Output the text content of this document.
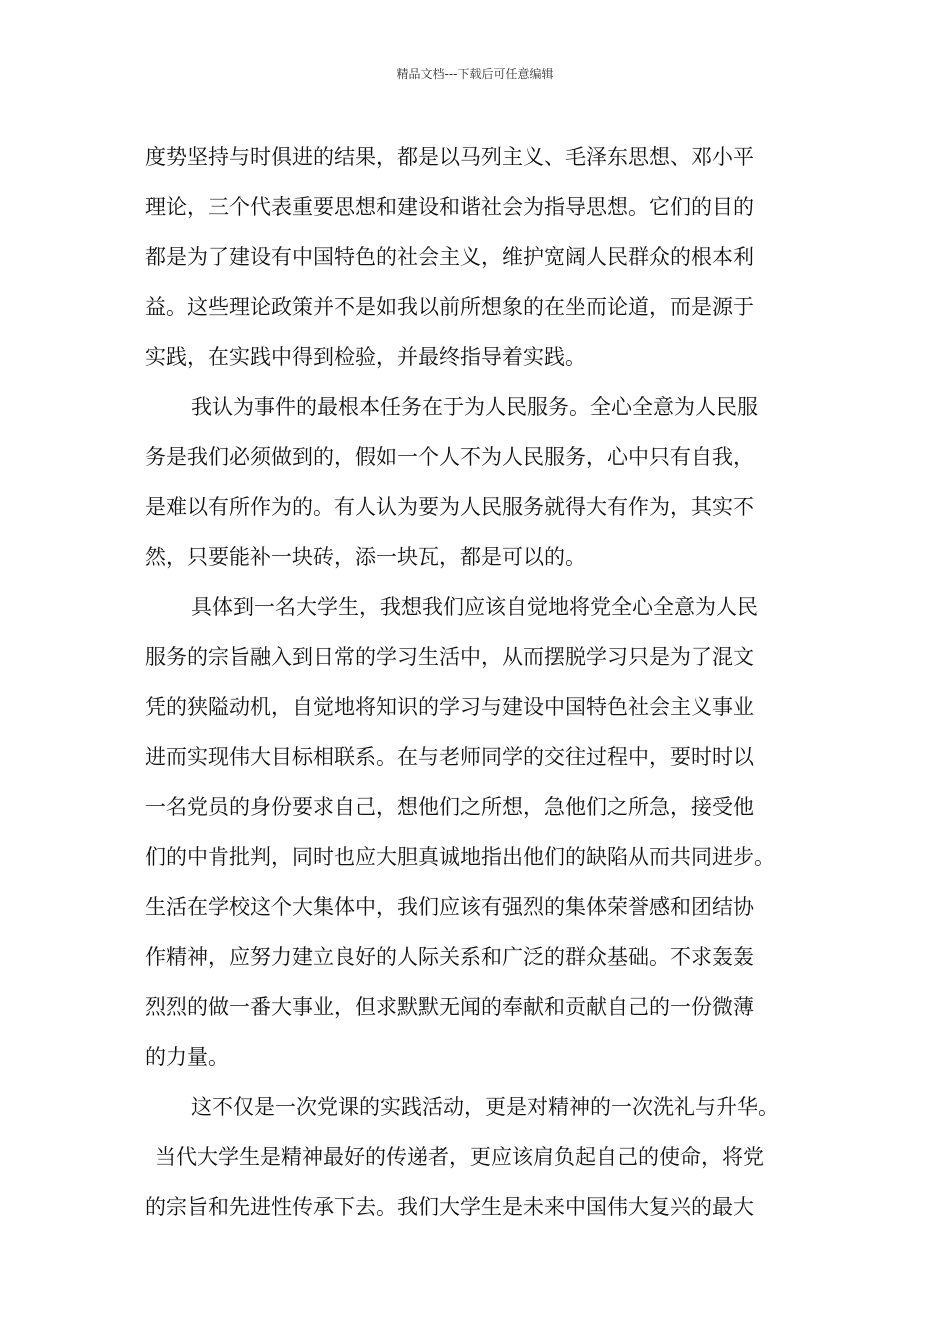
精品文档---下载后可任意编辑
度势坚持与时俱进的结果，都是以马列主义、毛泽东思想、邓小平
理论，三个代表重要思想和建设和谐社会为指导思想。它们的目的
都是为了建设有中国特色的社会主义，维护宽阔人民群众的根本利
益。这些理论政策并不是如我以前所想象的在坐而论道，而是源于
实践，在实践中得到检验，并最终指导着实践。
我认为事件的最根本任务在于为人民服务。全心全意为人民服
务是我们必须做到的，假如一个人不为人民服务，心中只有自我，
是难以有所作为的。有人认为要为人民服务就得大有作为，其实不
然，只要能补一块砖，添一块瓦，都是可以的。
具体到一名大学生，我想我们应该自觉地将党全心全意为人民
服务的宗旨融入到日常的学习生活中，从而摆脱学习只是为了混文
凭的狭隘动机，自觉地将知识的学习与建设中国特色社会主义事业
进而实现伟大目标相联系。在与老师同学的交往过程中，要时时以
一名党员的身份要求自己，想他们之所想，急他们之所急，接受他
们的中肯批判，同时也应大胆真诚地指出他们的缺陷从而共同进步。
生活在学校这个大集体中，我们应该有强烈的集体荣誉感和团结协
作精神，应努力建立良好的人际关系和广泛的群众基础。不求轰轰
烈烈的做一番大事业，但求默默无闻的奉献和贡献自己的一份微薄
的力量。
这不仅是一次党课的实践活动，更是对精神的一次洗礼与升华。
当代大学生是精神最好的传递者，更应该肩负起自己的使命，将党
的宗旨和先进性传承下去。我们大学生是未来中国伟大复兴的最大
